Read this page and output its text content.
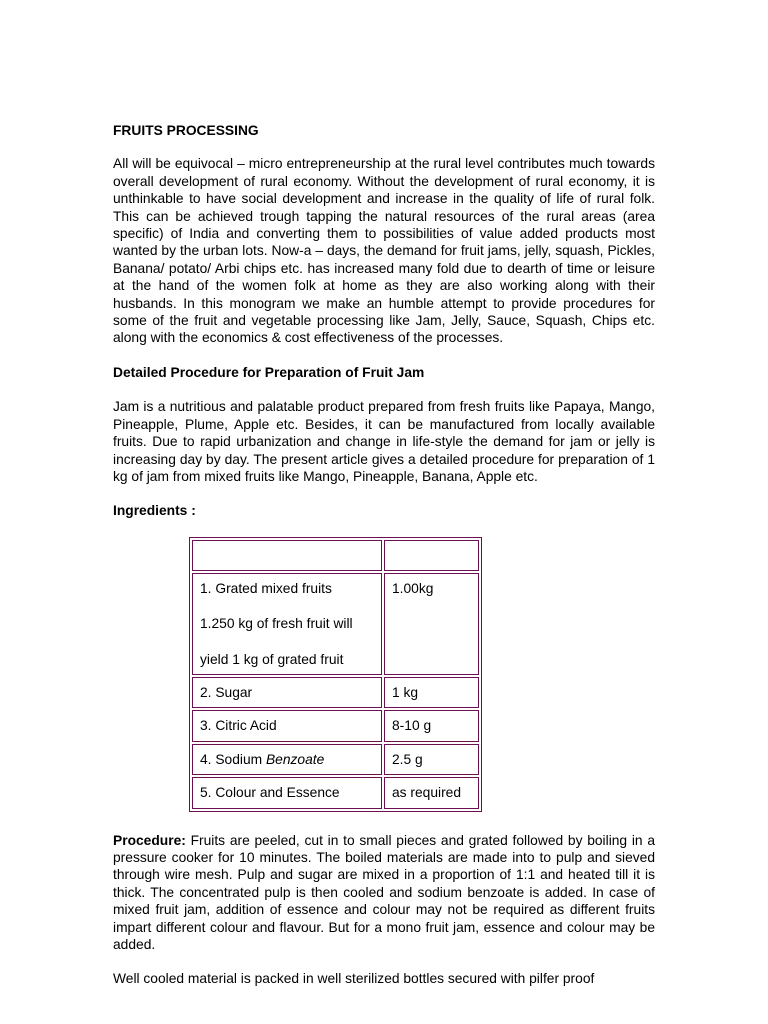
FRUITS PROCESSING

All will be equivocal – micro entrepreneurship at the rural level contributes much towards overall development of rural economy. Without the development of rural economy, it is unthinkable to have social development and increase in the quality of life of rural folk. This can be achieved trough tapping the natural resources of the rural areas (area specific) of India and converting them to possibilities of value added products most wanted by the urban lots. Now-a – days, the demand for fruit jams, jelly, squash, Pickles, Banana/ potato/ Arbi chips etc. has increased many fold due to dearth of time or leisure at the hand of the women folk at home as they are also working along with their husbands. In this monogram we make an humble attempt to provide procedures for some of the fruit and vegetable processing like Jam, Jelly, Sauce, Squash, Chips etc. along with the economics & cost effectiveness of the processes.

Detailed Procedure for Preparation of Fruit Jam

Jam is a nutritious and palatable product prepared from fresh fruits like Papaya, Mango, Pineapple, Plume, Apple etc. Besides, it can be manufactured from locally available fruits. Due to rapid urbanization and change in life-style the demand for jam or jelly is increasing day by day. The present article gives a detailed procedure for preparation of 1 kg of jam from mixed fruits like Mango, Pineapple, Banana, Apple etc.

Ingredients :

1. Grated mixed fruits
1.250 kg of fresh fruit will
yield 1 kg of grated fruit	1.00kg
2. Sugar	1 kg
3. Citric Acid	8-10 g
4. Sodium Benzoate	2.5 g
5. Colour and Essence	as required

Procedure: Fruits are peeled, cut in to small pieces and grated followed by boiling in a pressure cooker for 10 minutes. The boiled materials are made into to pulp and sieved through wire mesh. Pulp and sugar are mixed in a proportion of 1:1 and heated till it is thick. The concentrated pulp is then cooled and sodium benzoate is added. In case of mixed fruit jam, addition of essence and colour may not be required as different fruits impart different colour and flavour. But for a mono fruit jam, essence and colour may be added.

Well cooled material is packed in well sterilized bottles secured with pilfer proof
